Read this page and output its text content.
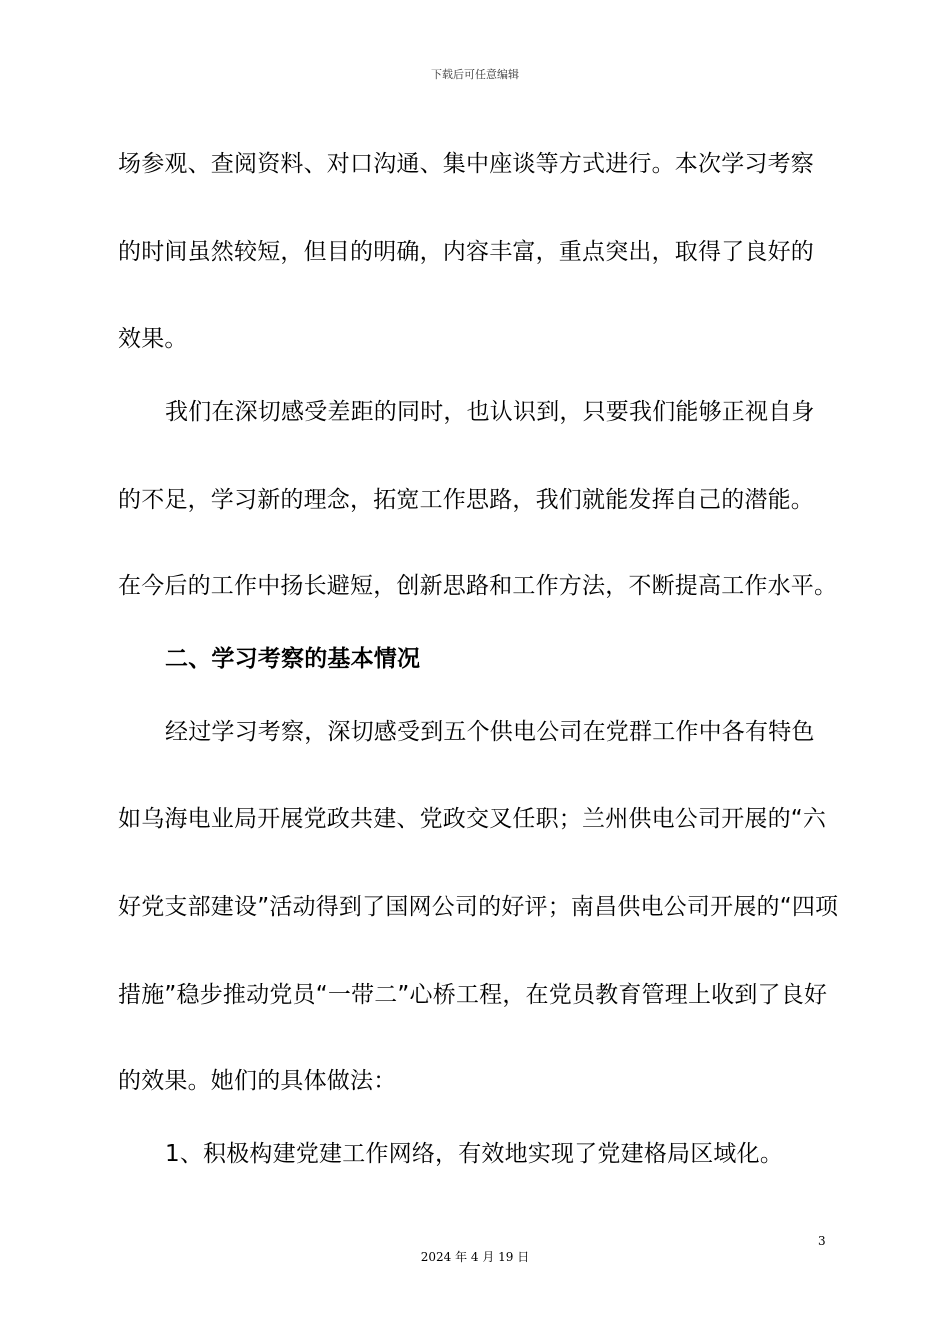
下载后可任意编辑
场参观、查阅资料、对口沟通、集中座谈等方式进行。本次学习考察
的时间虽然较短，但目的明确，内容丰富，重点突出，取得了良好的
效果。
我们在深切感受差距的同时，也认识到，只要我们能够正视自身
的不足，学习新的理念，拓宽工作思路，我们就能发挥自己的潜能。
在今后的工作中扬长避短，创新思路和工作方法，不断提高工作水平。
二、学习考察的基本情况
经过学习考察，深切感受到五个供电公司在党群工作中各有特色
如乌海电业局开展党政共建、党政交叉任职；兰州供电公司开展的“六
好党支部建设”活动得到了国网公司的好评；南昌供电公司开展的“四项
措施”稳步推动党员“一带二”心桥工程，在党员教育管理上收到了良好
的效果。她们的具体做法：
1、积极构建党建工作网络，有效地实现了党建格局区域化。
3
2024 年 4 月 19 日
